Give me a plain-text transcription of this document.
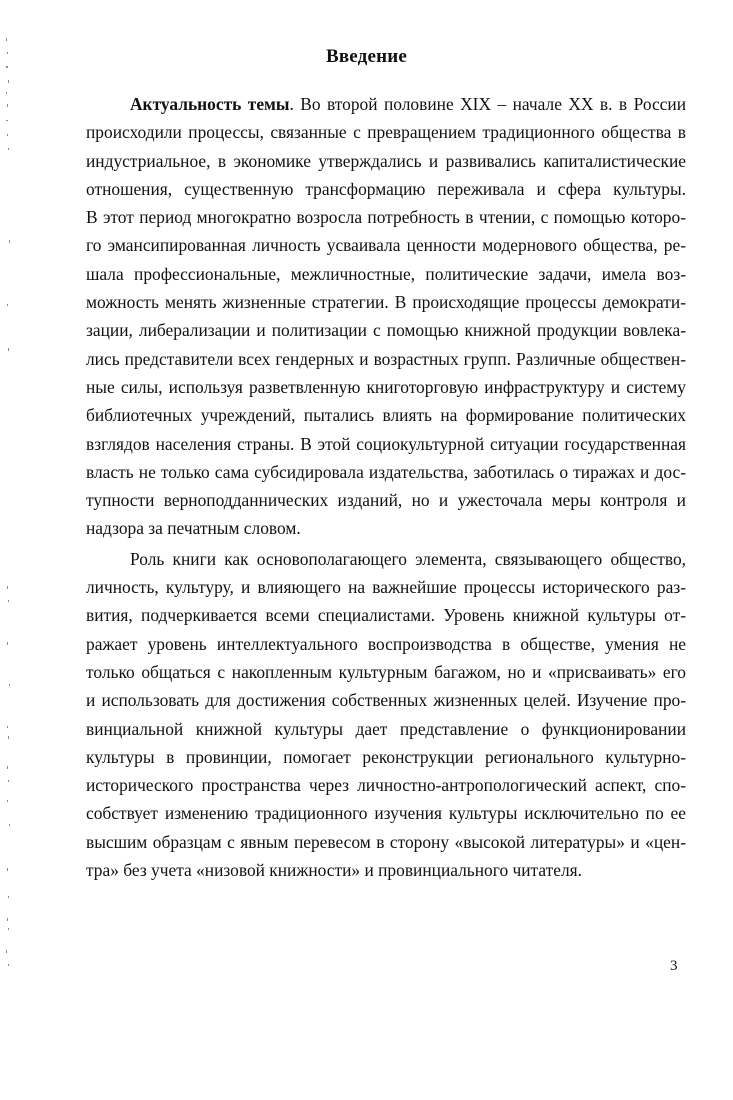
Введение
Актуальность темы. Во второй половине XIX – начале XX в. в России
происходили процессы, связанные с превращением традиционного общества в
индустриальное, в экономике утверждались и развивались капиталистические
отношения, существенную трансформацию переживала и сфера культуры.
В этот период многократно возросла потребность в чтении, с помощью которо-
го эмансипированная личность усваивала ценности модернового общества, ре-
шала профессиональные, межличностные, политические задачи, имела воз-
можность менять жизненные стратегии. В происходящие процессы демократи-
зации, либерализации и политизации с помощью книжной продукции вовлека-
лись представители всех гендерных и возрастных групп. Различные обществен-
ные силы, используя разветвленную книготорговую инфраструктуру и систему
библиотечных учреждений, пытались влиять на формирование политических
взглядов населения страны. В этой социокультурной ситуации государственная
власть не только сама субсидировала издательства, заботилась о тиражах и дос-
тупности верноподданнических изданий, но и ужесточала меры контроля и
надзора за печатным словом.
Роль книги как основополагающего элемента, связывающего общество,
личность, культуру, и влияющего на важнейшие процессы исторического раз-
вития, подчеркивается всеми специалистами. Уровень книжной культуры от-
ражает уровень интеллектуального воспроизводства в обществе, умения не
только общаться с накопленным культурным багажом, но и «присваивать» его
и использовать для достижения собственных жизненных целей. Изучение про-
винциальной книжной культуры дает представление о функционировании
культуры в провинции, помогает реконструкции регионального культурно-
исторического пространства через личностно-антропологический аспект, спо-
собствует изменению традиционного изучения культуры исключительно по ее
высшим образцам с явным перевесом в сторону «высокой литературы» и «цен-
тра» без учета «низовой книжности» и провинциального читателя.
3
